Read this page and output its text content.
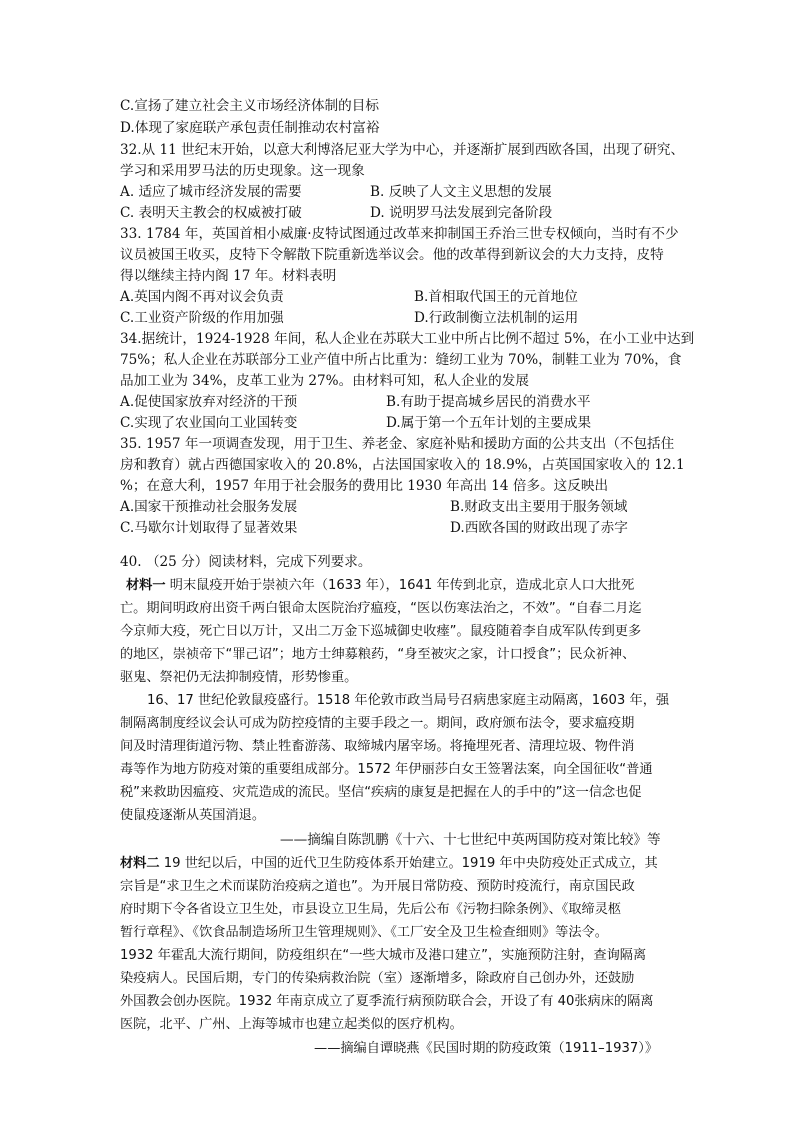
C.宣扬了建立社会主义市场经济体制的目标
D.体现了家庭联产承包责任制推动农村富裕
32.从 11 世纪末开始，以意大利博洛尼亚大学为中心，并逐渐扩展到西欧各国，出现了研究、
学习和采用罗马法的历史现象。这一现象
A. 适应了城市经济发展的需要	B. 反映了人文主义思想的发展
C. 表明天主教会的权威被打破	D. 说明罗马法发展到完备阶段
33. 1784 年，英国首相小威廉·皮特试图通过改革来抑制国王乔治三世专权倾向，当时有不少
议员被国王收买，皮特下令解散下院重新选举议会。他的改革得到新议会的大力支持，皮特
得以继续主持内阁 17 年。材料表明
A.英国内阁不再对议会负责	B.首相取代国王的元首地位
C.工业资产阶级的作用加强	D.行政制衡立法机制的运用
34.据统计，1924-1928 年间，私人企业在苏联大工业中所占比例不超过 5%，在小工业中达到
75%；私人企业在苏联部分工业产值中所占比重为：缝纫工业为 70%，制鞋工业为 70%，食
品加工业为 34%，皮革工业为 27%。由材料可知，私人企业的发展
A.促使国家放弃对经济的干预	B.有助于提高城乡居民的消费水平
C.实现了农业国向工业国转变	D.属于第一个五年计划的主要成果
35. 1957 年一项调查发现，用于卫生、养老金、家庭补贴和援助方面的公共支出（不包括住
房和教育）就占西德国家收入的 20.8%，占法国国家收入的 18.9%，占英国国家收入的 12.1
%；在意大利，1957 年用于社会服务的费用比 1930 年高出 14 倍多。这反映出
A.国家干预推动社会服务发展	B.财政支出主要用于服务领域
C.马歇尔计划取得了显著效果	D.西欧各国的财政出现了赤字
40. （25 分）阅读材料，完成下列要求。
材料一 明末鼠疫开始于崇祯六年（1633 年），1641 年传到北京，造成北京人口大批死
亡。期间明政府出资千两白银命太医院治疗瘟疫，“医以伤寒法治之，不效”。“自春二月迄
今京师大疫，死亡日以万计，又出二万金下巡城御史收瘗”。鼠疫随着李自成军队传到更多
的地区，崇祯帝下“罪己诏”；地方士绅募粮药，“身至被灾之家，计口授食”；民众祈神、
驱鬼、祭祀仍无法抑制疫情，形势惨重。
16、17 世纪伦敦鼠疫盛行。1518 年伦敦市政当局号召病患家庭主动隔离，1603 年，强
制隔离制度经议会认可成为防控疫情的主要手段之一。期间，政府颁布法令，要求瘟疫期
间及时清理街道污物、禁止牲畜游荡、取缔城内屠宰场。将掩埋死者、清理垃圾、物件消
毒等作为地方防疫对策的重要组成部分。1572 年伊丽莎白女王签署法案，向全国征收“普通
税”来救助因瘟疫、灾荒造成的流民。坚信“疾病的康复是把握在人的手中的”这一信念也促
使鼠疫逐渐从英国消退。
——摘编自陈凯鹏《十六、十七世纪中英两国防疫对策比较》等
材料二 19 世纪以后，中国的近代卫生防疫体系开始建立。1919 年中央防疫处正式成立，其
宗旨是“求卫生之术而谋防治疫病之道也”。为开展日常防疫、预防时疫流行，南京国民政
府时期下令各省设立卫生处，市县设立卫生局，先后公布《污物扫除条例》、《取缔灵柩
暂行章程》、《饮食品制造场所卫生管理规则》、《工厂安全及卫生检查细则》等法令。
1932 年霍乱大流行期间，防疫组织在“一些大城市及港口建立”，实施预防注射，查询隔离
染疫病人。民国后期，专门的传染病救治院（室）逐渐增多，除政府自己创办外，还鼓励
外国教会创办医院。1932 年南京成立了夏季流行病预防联合会，开设了有 40张病床的隔离
医院，北平、广州、上海等城市也建立起类似的医疗机构。
——摘编自谭晓燕《民国时期的防疫政策（1911–1937）》
